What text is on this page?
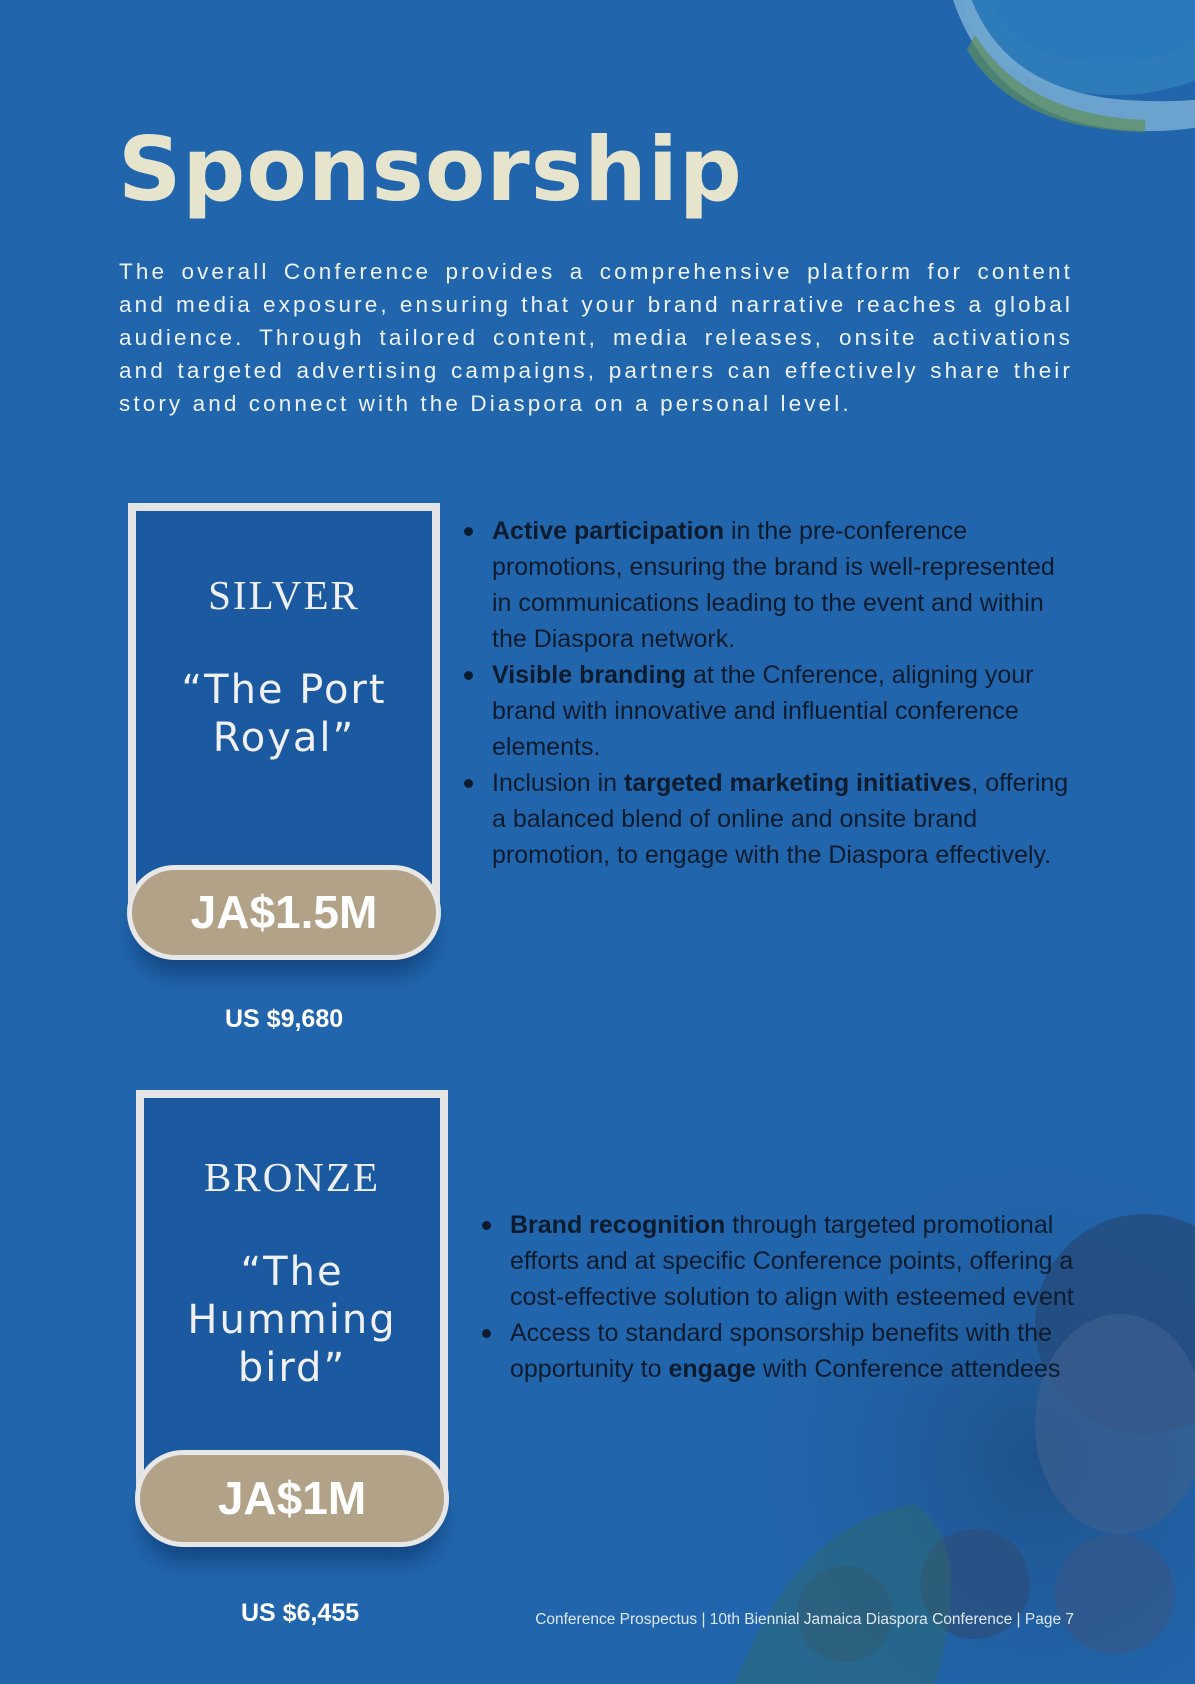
Sponsorship

The overall Conference provides a comprehensive platform for content and media exposure, ensuring that your brand narrative reaches a global audience. Through tailored content, media releases, onsite activations and targeted advertising campaigns, partners can effectively share their story and connect with the Diaspora on a personal level.

SILVER
“The Port
Royal”
JA$1.5M
US $9,680
Active participation in the pre-conference promotions, ensuring the brand is well-represented in communications leading to the event and within the Diaspora network.
Visible branding at the Cnference, aligning your brand with innovative and influential conference elements.
Inclusion in targeted marketing initiatives, offering a balanced blend of online and onsite brand promotion, to engage with the Diaspora effectively.
BRONZE
“The
Humming
bird”
JA$1M
US $6,455
Brand recognition through targeted promotional efforts and at specific Conference points, offering a cost-effective solution to align with esteemed event
Access to standard sponsorship benefits with the opportunity to engage with Conference attendees
Conference Prospectus | 10th Biennial Jamaica Diaspora Conference | Page 7
